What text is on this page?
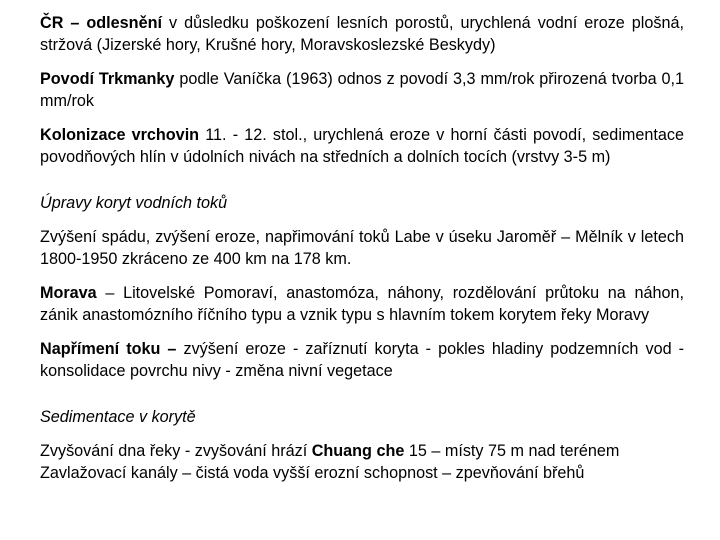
ČR – odlesnění v důsledku poškození lesních porostů, urychlená vodní eroze plošná, stržová (Jizerské hory, Krušné hory, Moravskoslezské Beskydy)

Povodí Trkmanky podle Vaníčka (1963) odnos z povodí 3,3 mm/rok přirozená tvorba 0,1 mm/rok

Kolonizace vrchovin 11. - 12. stol., urychlená eroze v horní části povodí, sedimentace povodňových hlín v údolních nivách na středních a dolních tocích (vrstvy 3-5 m)

Úpravy koryt vodních toků

Zvýšení spádu, zvýšení eroze, napřimování toků Labe v úseku Jaroměř – Mělník v letech 1800-1950 zkráceno ze 400 km na 178 km.

Morava – Litovelské Pomoraví, anastomóza, náhony, rozdělování průtoku na náhon, zánik anastomózního říčního typu a vznik typu s hlavním tokem korytem řeky Moravy

Napřímení toku – zvýšení eroze - zaříznutí koryta - pokles hladiny podzemních vod - konsolidace povrchu nivy - změna nivní vegetace

Sedimentace v korytě

Zvyšování dna řeky - zvyšování hrází Chuang che 15 – místy 75 m nad terénem

Zavlažovací kanály – čistá voda vyšší erozní schopnost – zpevňování břehů
